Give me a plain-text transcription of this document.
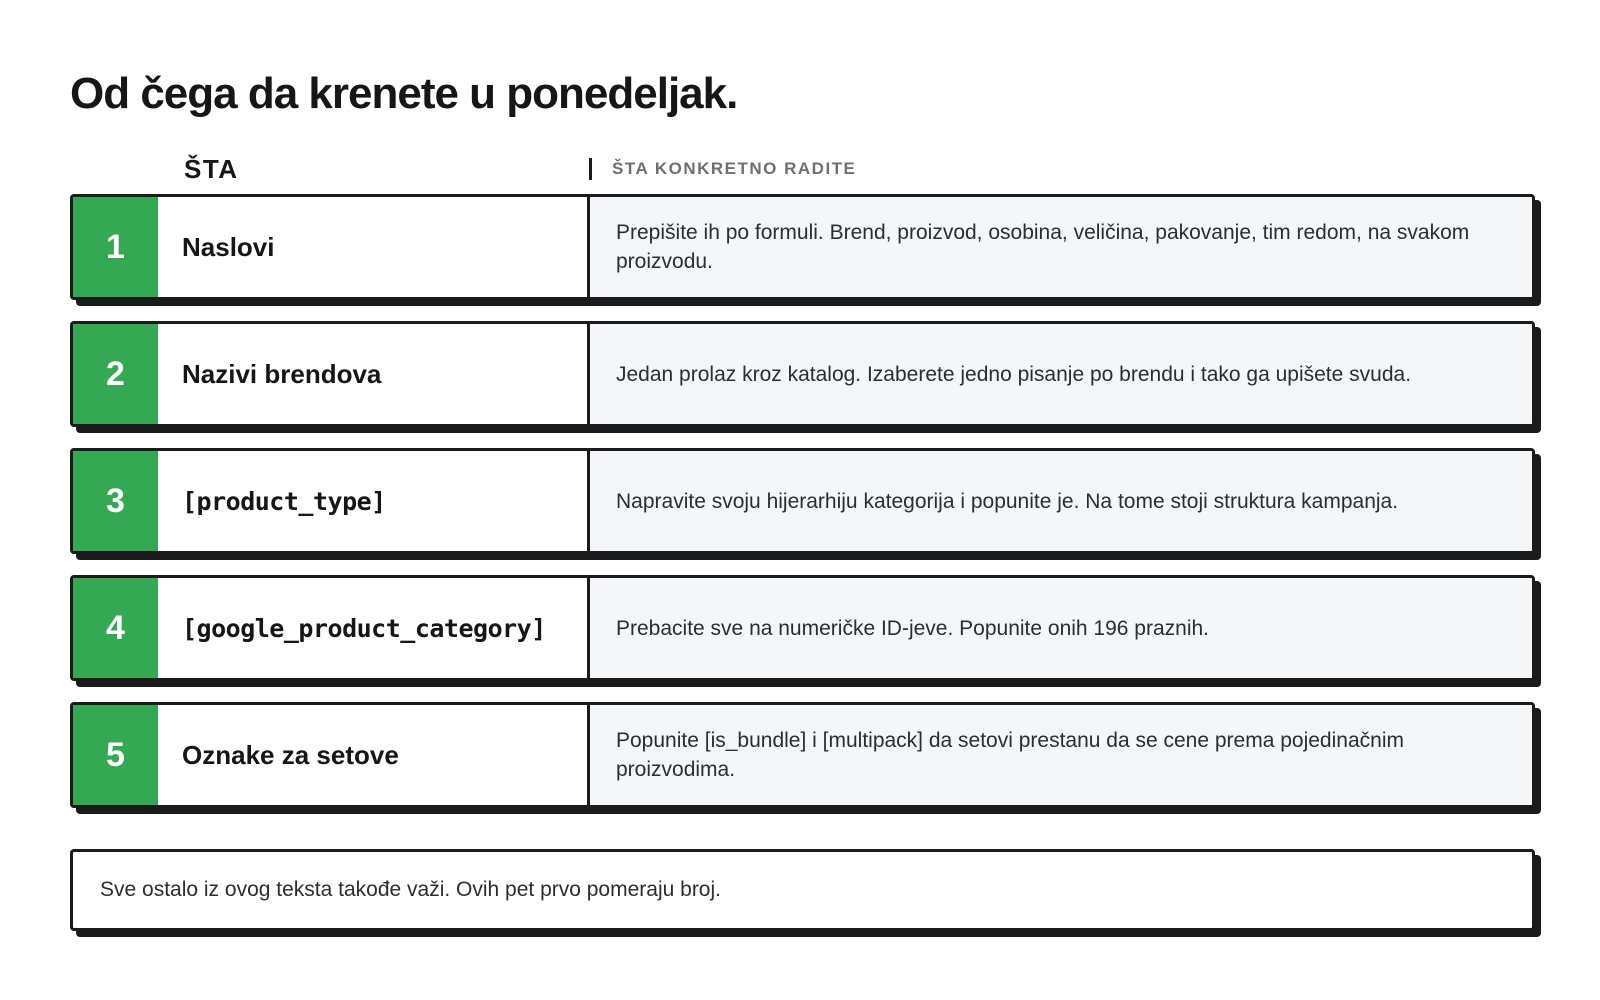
Od čega da krenete u ponedeljak.
ŠTA	ŠTA KONKRETNO RADITE
1	Naslovi	Prepišite ih po formuli. Brend, proizvod, osobina, veličina, pakovanje, tim redom, na svakom proizvodu.
2	Nazivi brendova	Jedan prolaz kroz katalog. Izaberete jedno pisanje po brendu i tako ga upišete svuda.
3	[product_type]	Napravite svoju hijerarhiju kategorija i popunite je. Na tome stoji struktura kampanja.
4	[google_product_category]	Prebacite sve na numeričke ID-jeve. Popunite onih 196 praznih.
5	Oznake za setove	Popunite [is_bundle] i [multipack] da setovi prestanu da se cene prema pojedinačnim proizvodima.
Sve ostalo iz ovog teksta takođe važi. Ovih pet prvo pomeraju broj.
